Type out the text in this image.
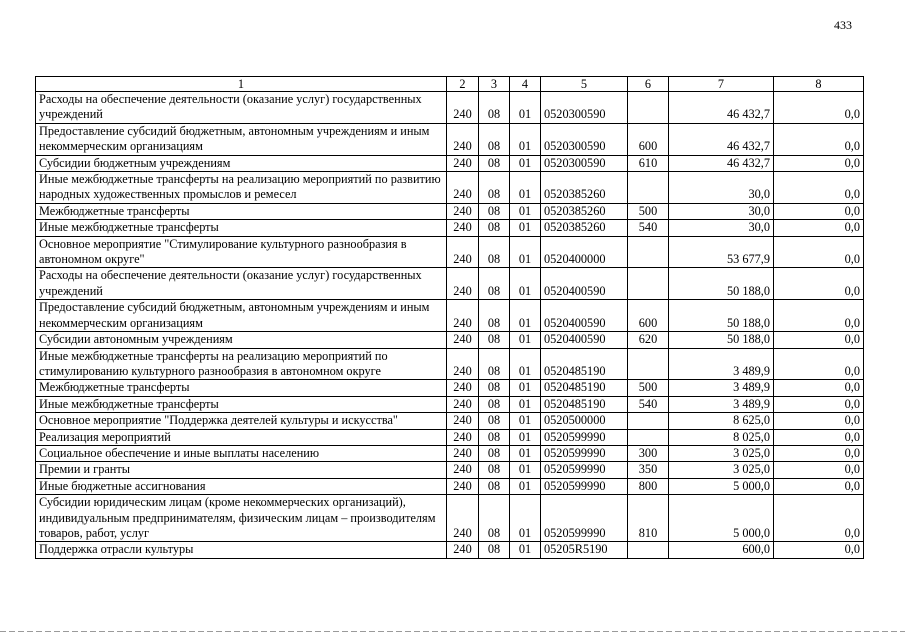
433
1	2	3	4	5	6	7	8
Расходы на обеспечение деятельности (оказание услуг) государственных учреждений	240	08	01	0520300590		46 432,7	0,0
Предоставление субсидий бюджетным, автономным учреждениям и иным некоммерческим организациям	240	08	01	0520300590	600	46 432,7	0,0
Субсидии бюджетным учреждениям	240	08	01	0520300590	610	46 432,7	0,0
Иные межбюджетные трансферты на реализацию мероприятий по развитию народных художественных промыслов и ремесел	240	08	01	0520385260		30,0	0,0
Межбюджетные трансферты	240	08	01	0520385260	500	30,0	0,0
Иные межбюджетные трансферты	240	08	01	0520385260	540	30,0	0,0
Основное мероприятие "Стимулирование культурного разнообразия в автономном округе"	240	08	01	0520400000		53 677,9	0,0
Расходы на обеспечение деятельности (оказание услуг) государственных учреждений	240	08	01	0520400590		50 188,0	0,0
Предоставление субсидий бюджетным, автономным учреждениям и иным некоммерческим организациям	240	08	01	0520400590	600	50 188,0	0,0
Субсидии автономным учреждениям	240	08	01	0520400590	620	50 188,0	0,0
Иные межбюджетные трансферты на реализацию мероприятий по стимулированию культурного разнообразия в автономном округе	240	08	01	0520485190		3 489,9	0,0
Межбюджетные трансферты	240	08	01	0520485190	500	3 489,9	0,0
Иные межбюджетные трансферты	240	08	01	0520485190	540	3 489,9	0,0
Основное мероприятие "Поддержка деятелей культуры и искусства"	240	08	01	0520500000		8 625,0	0,0
Реализация мероприятий	240	08	01	0520599990		8 025,0	0,0
Социальное обеспечение и иные выплаты населению	240	08	01	0520599990	300	3 025,0	0,0
Премии и гранты	240	08	01	0520599990	350	3 025,0	0,0
Иные бюджетные ассигнования	240	08	01	0520599990	800	5 000,0	0,0
Субсидии юридическим лицам (кроме некоммерческих организаций), индивидуальным предпринимателям, физическим лицам – производителям товаров, работ, услуг	240	08	01	0520599990	810	5 000,0	0,0
Поддержка отрасли культуры	240	08	01	05205R5190		600,0	0,0
